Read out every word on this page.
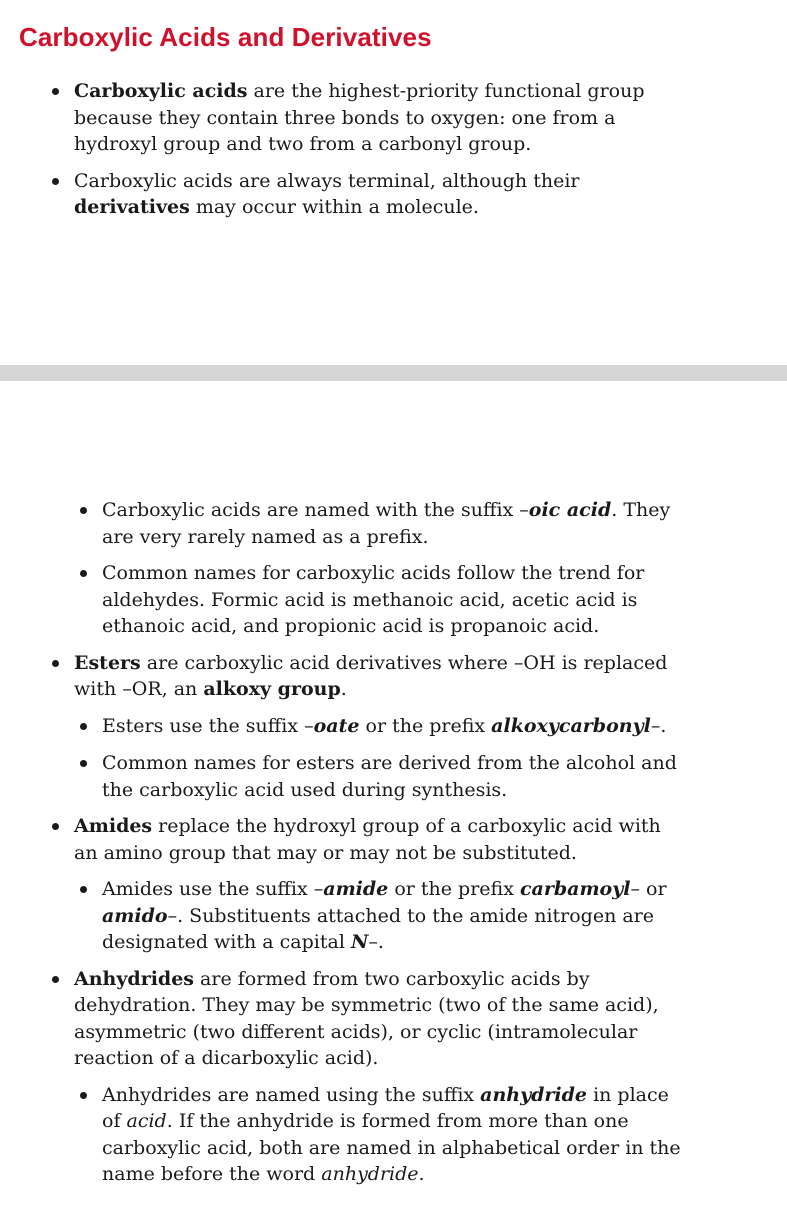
Carboxylic Acids and Derivatives

Carboxylic acids are the highest-priority functional group because they contain three bonds to oxygen: one from a hydroxyl group and two from a carbonyl group.

Carboxylic acids are always terminal, although their derivatives may occur within a molecule.

Carboxylic acids are named with the suffix –oic acid. They are very rarely named as a prefix.

Common names for carboxylic acids follow the trend for aldehydes. Formic acid is methanoic acid, acetic acid is ethanoic acid, and propionic acid is propanoic acid.

Esters are carboxylic acid derivatives where –OH is replaced with –OR, an alkoxy group.

Esters use the suffix –oate or the prefix alkoxycarbonyl–.

Common names for esters are derived from the alcohol and the carboxylic acid used during synthesis.

Amides replace the hydroxyl group of a carboxylic acid with an amino group that may or may not be substituted.

Amides use the suffix –amide or the prefix carbamoyl– or amido–. Substituents attached to the amide nitrogen are designated with a capital N–.

Anhydrides are formed from two carboxylic acids by dehydration. They may be symmetric (two of the same acid), asymmetric (two different acids), or cyclic (intramolecular reaction of a dicarboxylic acid).

Anhydrides are named using the suffix anhydride in place of acid. If the anhydride is formed from more than one carboxylic acid, both are named in alphabetical order in the name before the word anhydride.
